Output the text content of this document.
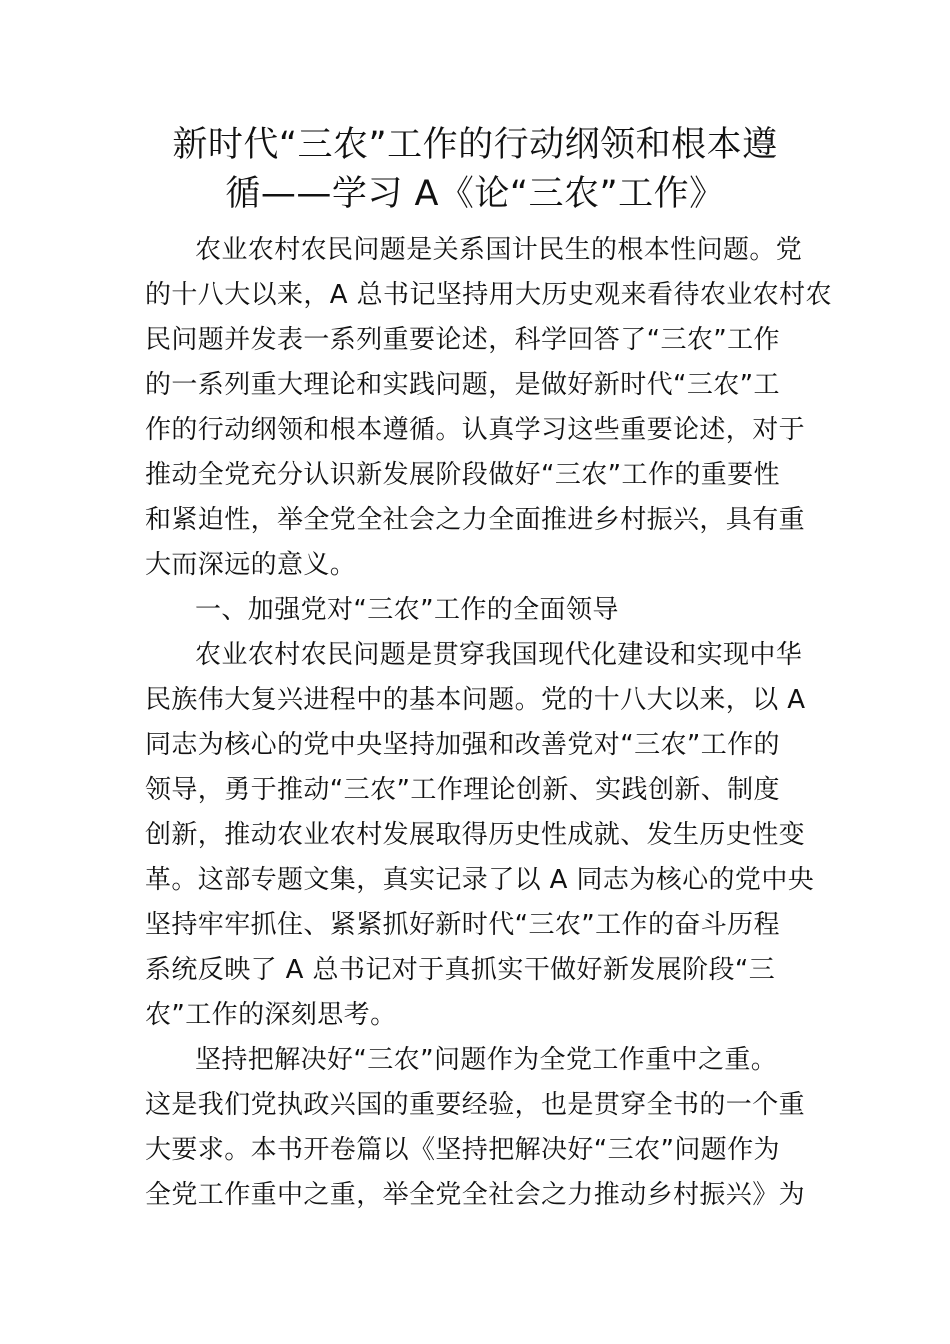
新时代“三农”工作的行动纲领和根本遵
循——学习 A《论“三农”工作》
农业农村农民问题是关系国计民生的根本性问题。党
的十八大以来，A 总书记坚持用大历史观来看待农业农村农
民问题并发表一系列重要论述，科学回答了“三农”工作
的一系列重大理论和实践问题，是做好新时代“三农”工
作的行动纲领和根本遵循。认真学习这些重要论述，对于
推动全党充分认识新发展阶段做好“三农”工作的重要性
和紧迫性，举全党全社会之力全面推进乡村振兴，具有重
大而深远的意义。
一、加强党对“三农”工作的全面领导
农业农村农民问题是贯穿我国现代化建设和实现中华
民族伟大复兴进程中的基本问题。党的十八大以来，以 A
同志为核心的党中央坚持加强和改善党对“三农”工作的
领导，勇于推动“三农”工作理论创新、实践创新、制度
创新，推动农业农村发展取得历史性成就、发生历史性变
革。这部专题文集，真实记录了以 A 同志为核心的党中央
坚持牢牢抓住、紧紧抓好新时代“三农”工作的奋斗历程
系统反映了 A 总书记对于真抓实干做好新发展阶段“三
农”工作的深刻思考。
坚持把解决好“三农”问题作为全党工作重中之重。
这是我们党执政兴国的重要经验，也是贯穿全书的一个重
大要求。本书开卷篇以《坚持把解决好“三农”问题作为
全党工作重中之重，举全党全社会之力推动乡村振兴》为
